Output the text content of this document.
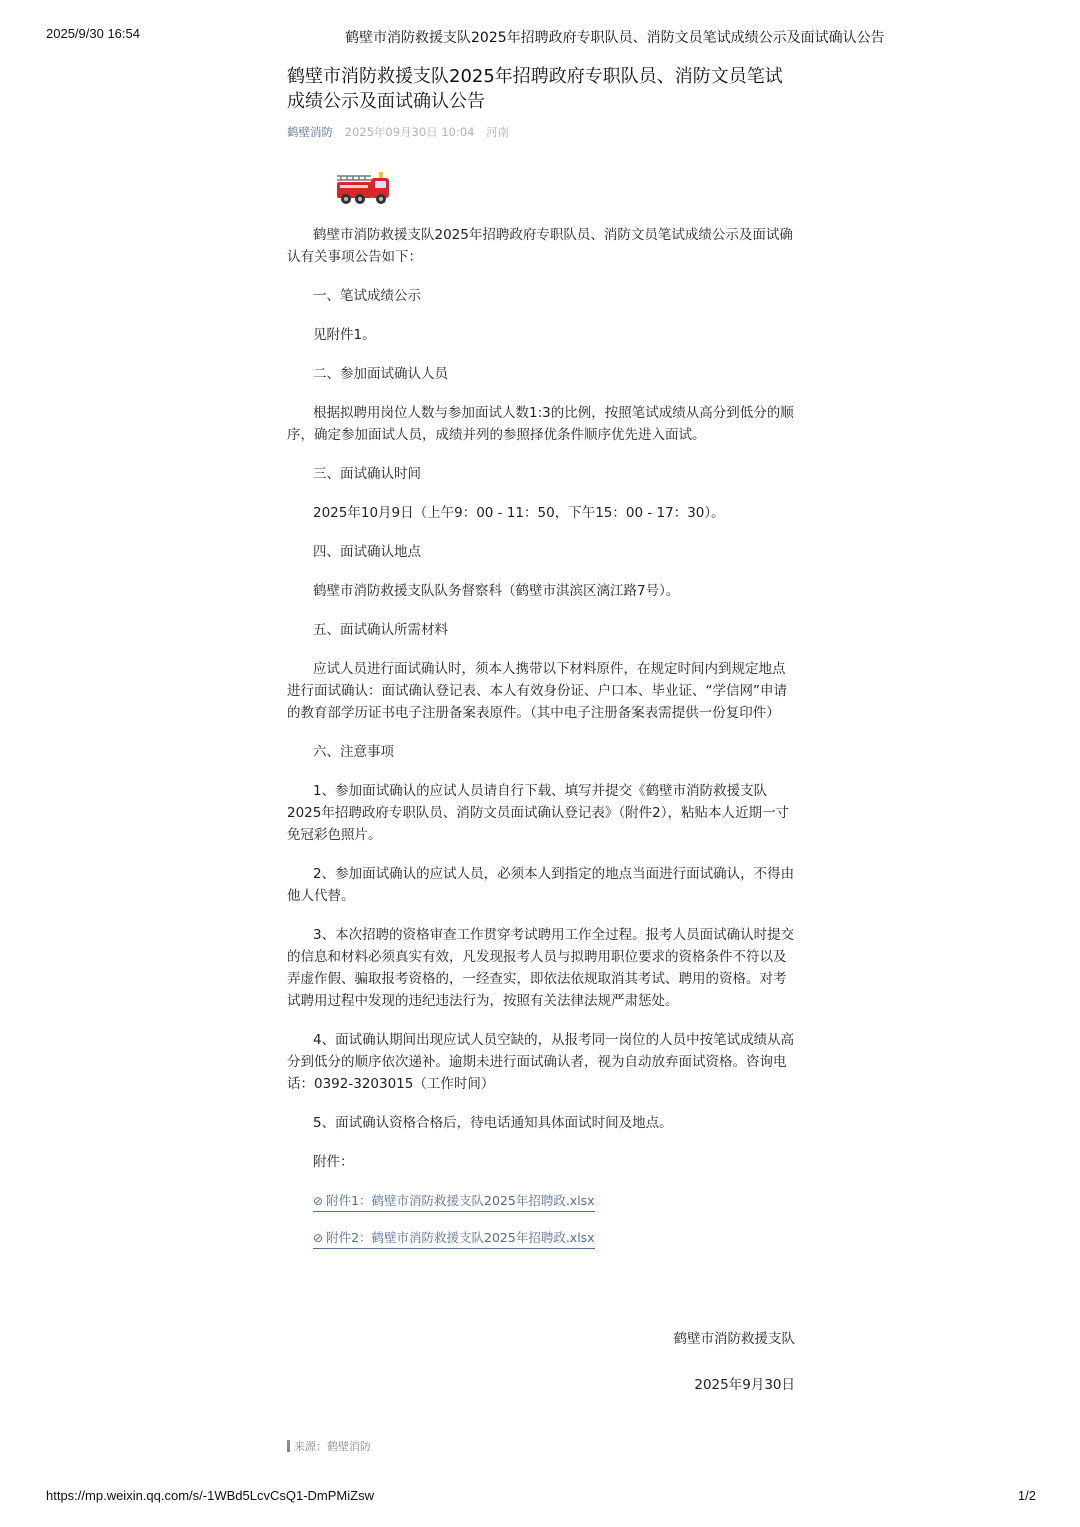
2025/9/30 16:54	鹤壁市消防救援支队2025年招聘政府专职队员、消防文员笔试成绩公示及面试确认公告
鹤壁市消防救援支队2025年招聘政府专职队员、消防文员笔试成绩公示及面试确认公告
鹤壁消防 2025年09月30日 10:04 河南

鹤壁市消防救援支队2025年招聘政府专职队员、消防文员笔试成绩公示及面试确认有关事项公告如下：

一、笔试成绩公示

见附件1。

二、参加面试确认人员

根据拟聘用岗位人数与参加面试人数1:3的比例，按照笔试成绩从高分到低分的顺序，确定参加面试人员，成绩并列的参照择优条件顺序优先进入面试。

三、面试确认时间

2025年10月9日（上午9：00 - 11：50，下午15：00 - 17：30）。

四、面试确认地点

鹤壁市消防救援支队队务督察科（鹤壁市淇滨区漓江路7号）。

五、面试确认所需材料

应试人员进行面试确认时，须本人携带以下材料原件，在规定时间内到规定地点进行面试确认：面试确认登记表、本人有效身份证、户口本、毕业证、“学信网”申请的教育部学历证书电子注册备案表原件。（其中电子注册备案表需提供一份复印件）

六、注意事项

1、参加面试确认的应试人员请自行下载、填写并提交《鹤壁市消防救援支队2025年招聘政府专职队员、消防文员面试确认登记表》（附件2），粘贴本人近期一寸免冠彩色照片。

2、参加面试确认的应试人员，必须本人到指定的地点当面进行面试确认，不得由他人代替。

3、本次招聘的资格审查工作贯穿考试聘用工作全过程。报考人员面试确认时提交的信息和材料必须真实有效，凡发现报考人员与拟聘用职位要求的资格条件不符以及弄虚作假、骗取报考资格的，一经查实，即依法依规取消其考试、聘用的资格。对考试聘用过程中发现的违纪违法行为，按照有关法律法规严肃惩处。

4、面试确认期间出现应试人员空缺的，从报考同一岗位的人员中按笔试成绩从高分到低分的顺序依次递补。逾期未进行面试确认者，视为自动放弃面试资格。咨询电话：0392-3203015（工作时间）

5、面试确认资格合格后，待电话通知具体面试时间及地点。

附件：

⊘ 附件1：鹤壁市消防救援支队2025年招聘政.xlsx
⊘ 附件2：鹤壁市消防救援支队2025年招聘政.xlsx
鹤壁市消防救援支队
2025年9月30日
来源：鹤壁消防
https://mp.weixin.qq.com/s/-1WBd5LcvCsQ1-DmPMiZsw	1/2
